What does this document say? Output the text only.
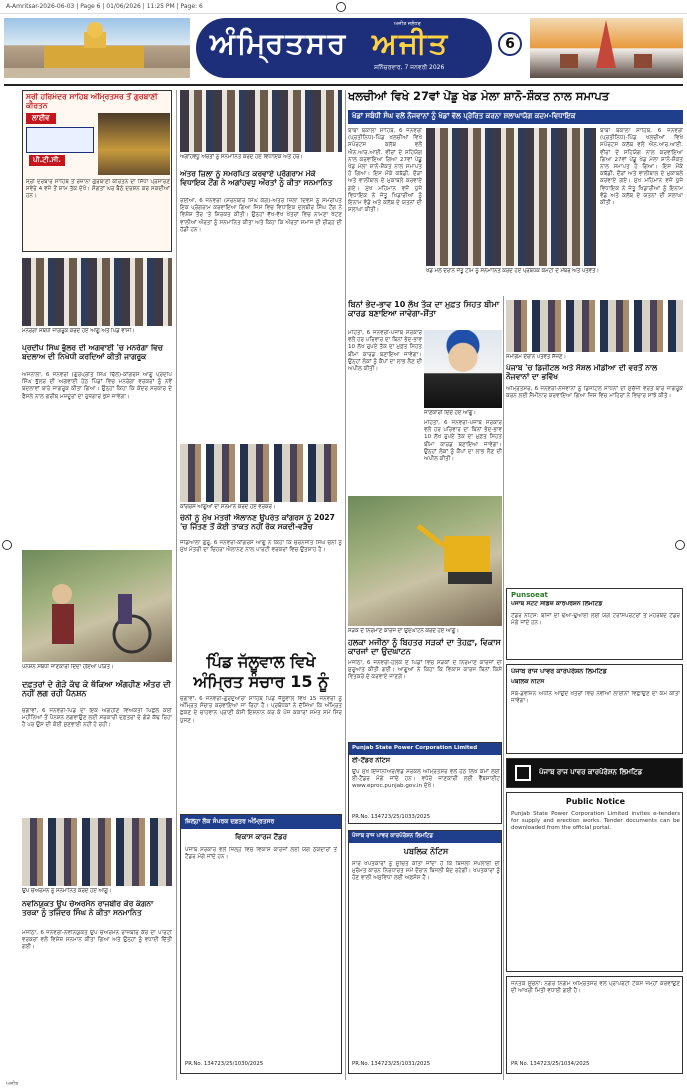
A-Amritsar-2026-06-03 | Page 6 | 01/06/2026 | 11:25 PM | Page: 6
ਅੰਮ੍ਰਿਤਸਰ ਅਜੀਤ
ਅਜੀਤ ਜਲੰਧਰ
ਸ਼ਨਿੱਚਰਵਾਰ, 7 ਜਨਵਰੀ 2026
6
ਸ੍ਰੀ ਹਰਿਮੰਦਰ ਸਾਹਿਬ ਅੰਮ੍ਰਿਤਸਰ ਤੋਂ ਗੁਰਬਾਣੀ ਕੀਰਤਨ
ਲਾਈਵ
ਪੀ.ਟੀ.ਸੀ.
ਸ੍ਰੀ ਦਰਬਾਰ ਸਾਹਿਬ ਤੋਂ ਰੋਜ਼ਾਨਾ ਗੁਰਬਾਣੀ ਕੀਰਤਨ ਦਾ ਸਿੱਧਾ ਪ੍ਰਸਾਰਣ ਸਵੇਰੇ 4 ਵਜੇ ਤੋਂ ਸ਼ਾਮ ਤੱਕ ਦੇਖੋ। ਸੰਗਤਾਂ ਘਰ ਬੈਠੇ ਦਰਸ਼ਨ ਕਰ ਸਕਦੀਆਂ ਹਨ।
ਮਨਰੇਗਾ ਸਬੰਧੀ ਜਾਗਰੂਕ ਕਰਦੇ ਹੋਏ ਆਗੂ ਅਤੇ ਪਿੰਡ ਵਾਸੀ।
ਪ੍ਰਦੀਪ ਸਿੰਘ ਭੁੱਲਰ ਦੀ ਅਗਵਾਈ 'ਚ ਮਨਰੇਗਾ ਵਿਚ ਬਦਲਾਅ ਦੀ ਨਿਖੇਧੀ ਕਰਦਿਆਂ ਕੀਤੀ ਜਾਗਰੂਕ
ਅਜਨਾਲਾ, 6 ਜਨਵਰੀ (ਗੁਰਪ੍ਰੀਤ ਸਿੰਘ ਢਿੱਲੋਂ)-ਕਾਂਗਰਸ ਆਗੂ ਪ੍ਰਦੀਪ ਸਿੰਘ ਭੁੱਲਰ ਦੀ ਅਗਵਾਈ ਹੇਠ ਪਿੰਡਾਂ ਵਿਚ ਮਨਰੇਗਾ ਵਰਕਰਾਂ ਨੂੰ ਨਵੇਂ ਬਦਲਾਵਾਂ ਬਾਰੇ ਜਾਗਰੂਕ ਕੀਤਾ ਗਿਆ। ਉਨ੍ਹਾਂ ਕਿਹਾ ਕਿ ਕੇਂਦਰ ਸਰਕਾਰ ਦੇ ਫੈਸਲੇ ਨਾਲ ਗਰੀਬ ਮਜ਼ਦੂਰਾਂ ਦਾ ਰੁਜ਼ਗਾਰ ਖੁੱਸ ਜਾਵੇਗਾ।
ਪੈਨਸ਼ਨ ਸਬੰਧੀ ਜਾਣਕਾਰੀ ਦਿੰਦਾ ਹੋਇਆ ਪੀੜਤ।
ਦਫ਼ਤਰਾਂ ਦੇ ਗੇੜੇ ਕੱਢ ਕੇ ਥੱਕਿਆ ਅੰਗਹੀਣ ਅੰਤਰ ਦੀ ਨਹੀਂ ਲਗ ਰਹੀ ਪੈਨਸ਼ਨ
ਚੋਗਾਵਾਂ, 6 ਜਨਵਰੀ-ਪਿੰਡ ਦਾ ਇਕ ਅੰਗਹੀਣ ਵਿਅਕਤੀ ਪਿਛਲੇ ਕਈ ਮਹੀਨਿਆਂ ਤੋਂ ਪੈਨਸ਼ਨ ਲਗਵਾਉਣ ਲਈ ਸਰਕਾਰੀ ਦਫ਼ਤਰਾਂ ਦੇ ਗੇੜੇ ਕੱਢ ਰਿਹਾ ਹੈ ਪਰ ਉਸ ਦੀ ਕੋਈ ਸੁਣਵਾਈ ਨਹੀਂ ਹੋ ਰਹੀ।
ਉਪ ਚੇਅਰਮੈਨ ਨੂੰ ਸਨਮਾਨਿਤ ਕਰਦੇ ਹੋਏ ਆਗੂ।
ਨਵਨਿਯੁਕਤ ਉਪ ਚੇਅਰਮੈਨ ਰਾਜਬੀਰ ਕੌਰ ਕੰਗਨਾ ਤਰਕਾ ਨੂੰ ਤਜਿੰਦਰ ਸਿੰਘ ਨੇ ਕੀਤਾ ਸਨਮਾਨਿਤ
ਮਜੀਠਾ, 6 ਜਨਵਰੀ-ਨਵਨਿਯੁਕਤ ਉਪ ਚੇਅਰਮੈਨ ਰਾਜਬੀਰ ਕੌਰ ਦਾ ਪਾਰਟੀ ਵਰਕਰਾਂ ਵਲੋਂ ਵਿਸ਼ੇਸ਼ ਸਨਮਾਨ ਕੀਤਾ ਗਿਆ ਅਤੇ ਉਨ੍ਹਾਂ ਨੂੰ ਵਧਾਈ ਦਿੱਤੀ ਗਈ।
ਅਗਾਂਹਵਧੂ ਔਰਤਾਂ ਨੂੰ ਸਨਮਾਨਿਤ ਕਰਦੇ ਹੋਏ ਵਿਧਾਇਕ ਅਤੇ ਹੋਰ।
ਅੰਤਰ ਜ਼ਿਲਾ ਨੂੰ ਸਮਰਪਿਤ ਕਰਵਾਏ ਪ੍ਰੋਗਰਾਮ ਮੌਕੇ ਵਿਧਾਇਕ ਟੌਂਗ ਨੇ ਅਗਾਂਹਵਧੂ ਔਰਤਾਂ ਨੂੰ ਕੀਤਾ ਸਨਮਾਨਿਤ
ਰਈਆ, 6 ਜਨਵਰੀ (ਸ਼ਰਨਬੀਰ ਸਿੰਘ ਕੰਗ)-ਅੰਤਰ ਜ਼ਿਲਾ ਦਿਵਸ ਨੂੰ ਸਮਰਪਿਤ ਇਕ ਪ੍ਰੋਗਰਾਮ ਕਰਵਾਇਆ ਗਿਆ ਜਿਸ ਵਿਚ ਵਿਧਾਇਕ ਦਲਬੀਰ ਸਿੰਘ ਟੌਂਗ ਨੇ ਵਿਸ਼ੇਸ਼ ਤੌਰ 'ਤੇ ਸ਼ਿਰਕਤ ਕੀਤੀ। ਉਨ੍ਹਾਂ ਵੱਖ-ਵੱਖ ਖੇਤਰਾਂ ਵਿਚ ਨਾਮਣਾ ਖੱਟਣ ਵਾਲੀਆਂ ਔਰਤਾਂ ਨੂੰ ਸਨਮਾਨਿਤ ਕੀਤਾ ਅਤੇ ਕਿਹਾ ਕਿ ਔਰਤਾਂ ਸਮਾਜ ਦੀ ਰੀੜ੍ਹ ਦੀ ਹੱਡੀ ਹਨ।
ਕਾਂਗਰਸ ਆਗੂਆਂ ਦਾ ਸਨਮਾਨ ਕਰਦੇ ਹੋਏ ਵਰਕਰ।
ਚੰਨੀ ਨੂੰ ਮੁੱਖ ਮੰਤਰੀ ਐਲਾਨਣ ਉਪਰੰਤ ਕਾਂਗਰਸ ਨੂੰ 2027 'ਚ ਜਿੱਤਣ ਤੋਂ ਕੋਈ ਤਾਕਤ ਨਹੀਂ ਰੋਕ ਸਕਦੀ-ਵੜੈਚ
ਜੰਡਿਆਲਾ ਗੁਰੂ, 6 ਜਨਵਰੀ-ਕਾਂਗਰਸ ਆਗੂ ਨੇ ਕਿਹਾ ਕਿ ਚਰਨਜੀਤ ਸਿੰਘ ਚੰਨੀ ਨੂੰ ਮੁੱਖ ਮੰਤਰੀ ਦਾ ਚਿਹਰਾ ਐਲਾਨਣ ਨਾਲ ਪਾਰਟੀ ਵਰਕਰਾਂ ਵਿਚ ਉਤਸ਼ਾਹ ਹੈ।
ਪਿੰਡ ਜੱਲੂਵਾਲ ਵਿਖੇ ਅੰਮ੍ਰਿਤ ਸੰਚਾਰ 15 ਨੂੰ
ਚੋਗਾਵਾਂ, 6 ਜਨਵਰੀ-ਗੁਰਦੁਆਰਾ ਸਾਹਿਬ ਪਿੰਡ ਜੱਲੂਵਾਲ ਵਿਖੇ 15 ਜਨਵਰੀ ਨੂੰ ਅੰਮ੍ਰਿਤ ਸੰਚਾਰ ਕਰਵਾਇਆ ਜਾ ਰਿਹਾ ਹੈ। ਪ੍ਰਬੰਧਕਾਂ ਨੇ ਦੱਸਿਆ ਕਿ ਅੰਮ੍ਰਿਤ ਛਕਣ ਦੇ ਚਾਹਵਾਨ ਪ੍ਰਾਣੀ ਕੇਸੀ ਇਸ਼ਨਾਨ ਕਰ ਕੇ ਪੰਜ ਕਕਾਰਾਂ ਸਮੇਤ ਸਮੇਂ ਸਿਰ ਪੁੱਜਣ।
ਜ਼ਿਲ੍ਹਾ ਲੋਕ ਸੰਪਰਕ ਦਫ਼ਤਰ ਅੰਮ੍ਰਿਤਸਰ
ਵਿਕਾਸ ਕਾਰਜ ਟੈਂਡਰ
ਪੰਜਾਬ ਸਰਕਾਰ ਵਲੋਂ ਜ਼ਿਲ੍ਹੇ ਵਿਚ ਵਿਕਾਸ ਕਾਰਜਾਂ ਲਈ ਯੋਗ ਠੇਕੇਦਾਰਾਂ ਤੋਂ ਟੈਂਡਰ ਮੰਗੇ ਜਾਂਦੇ ਹਨ।
PR.No. 134723/25/1030/2025
ਖਲਚੀਆਂ ਵਿਖੇ 27ਵਾਂ ਪੇਂਡੂ ਖੇਡ ਮੇਲਾ ਸ਼ਾਨੋ-ਸ਼ੌਕਤ ਨਾਲ ਸਮਾਪਤ
ਖੇਡਾਂ ਸਬੰਧੀ ਸੰਘ ਵਲੋਂ ਨੌਜਵਾਨਾਂ ਨੂੰ ਖੇਡਾਂ ਵੱਲ ਪ੍ਰੇਰਿਤ ਕਰਨਾ ਸ਼ਲਾਘਾਯੋਗ ਕਦਮ-ਵਿਧਾਇਕ
ਬਾਬਾ ਬਕਾਲਾ ਸਾਹਿਬ, 6 ਜਨਵਰੀ (ਪ੍ਰਤੀਨਿਧ)-ਪਿੰਡ ਖਲਚੀਆਂ ਵਿਖੇ ਸਪੋਰਟਸ ਕਲੱਬ ਵਲੋਂ ਐਨ.ਆਰ.ਆਈ. ਵੀਰਾਂ ਦੇ ਸਹਿਯੋਗ ਨਾਲ ਕਰਵਾਇਆ ਗਿਆ 27ਵਾਂ ਪੇਂਡੂ ਖੇਡ ਮੇਲਾ ਸ਼ਾਨੋ-ਸ਼ੌਕਤ ਨਾਲ ਸਮਾਪਤ ਹੋ ਗਿਆ। ਇਸ ਮੌਕੇ ਕਬੱਡੀ, ਦੌੜਾਂ ਅਤੇ ਵਾਲੀਬਾਲ ਦੇ ਮੁਕਾਬਲੇ ਕਰਵਾਏ ਗਏ। ਮੁੱਖ ਮਹਿਮਾਨ ਵਜੋਂ ਪੁੱਜੇ ਵਿਧਾਇਕ ਨੇ ਜੇਤੂ ਖਿਡਾਰੀਆਂ ਨੂੰ ਇਨਾਮ ਵੰਡੇ ਅਤੇ ਕਲੱਬ ਦੇ ਯਤਨਾਂ ਦੀ ਸ਼ਲਾਘਾ ਕੀਤੀ।
ਖੇਡ ਮੇਲੇ ਦੌਰਾਨ ਜੇਤੂ ਟੀਮ ਨੂੰ ਸਨਮਾਨਿਤ ਕਰਦੇ ਹੋਏ ਪ੍ਰਬੰਧਕ ਕਮੇਟੀ ਦੇ ਮੈਂਬਰ ਅਤੇ ਪਤਵੰਤੇ।
ਬਾਬਾ ਬਕਾਲਾ ਸਾਹਿਬ, 6 ਜਨਵਰੀ (ਪ੍ਰਤੀਨਿਧ)-ਪਿੰਡ ਖਲਚੀਆਂ ਵਿਖੇ ਸਪੋਰਟਸ ਕਲੱਬ ਵਲੋਂ ਐਨ.ਆਰ.ਆਈ. ਵੀਰਾਂ ਦੇ ਸਹਿਯੋਗ ਨਾਲ ਕਰਵਾਇਆ ਗਿਆ 27ਵਾਂ ਪੇਂਡੂ ਖੇਡ ਮੇਲਾ ਸ਼ਾਨੋ-ਸ਼ੌਕਤ ਨਾਲ ਸਮਾਪਤ ਹੋ ਗਿਆ। ਇਸ ਮੌਕੇ ਕਬੱਡੀ, ਦੌੜਾਂ ਅਤੇ ਵਾਲੀਬਾਲ ਦੇ ਮੁਕਾਬਲੇ ਕਰਵਾਏ ਗਏ। ਮੁੱਖ ਮਹਿਮਾਨ ਵਜੋਂ ਪੁੱਜੇ ਵਿਧਾਇਕ ਨੇ ਜੇਤੂ ਖਿਡਾਰੀਆਂ ਨੂੰ ਇਨਾਮ ਵੰਡੇ ਅਤੇ ਕਲੱਬ ਦੇ ਯਤਨਾਂ ਦੀ ਸ਼ਲਾਘਾ ਕੀਤੀ।
ਬਿਨਾਂ ਭੇਦ-ਭਾਵ 10 ਲੱਖ ਤੱਕ ਦਾ ਮੁਫ਼ਤ ਸਿਹਤ ਬੀਮਾ ਕਾਰਡ ਬਣਾਇਆ ਜਾਵੇਗਾ-ਸ਼ੌਂਤਾ
ਮਹਿਤਾ, 6 ਜਨਵਰੀ-ਪੰਜਾਬ ਸਰਕਾਰ ਵਲੋਂ ਹਰ ਪਰਿਵਾਰ ਦਾ ਬਿਨਾਂ ਭੇਦ-ਭਾਵ 10 ਲੱਖ ਰੁਪਏ ਤੱਕ ਦਾ ਮੁਫ਼ਤ ਸਿਹਤ ਬੀਮਾ ਕਾਰਡ ਬਣਾਇਆ ਜਾਵੇਗਾ। ਉਨ੍ਹਾਂ ਲੋਕਾਂ ਨੂੰ ਕੈਂਪਾਂ ਦਾ ਲਾਭ ਲੈਣ ਦੀ ਅਪੀਲ ਕੀਤੀ।
ਜਾਣਕਾਰੀ ਦਿੰਦੇ ਹੋਏ ਆਗੂ।
ਮਹਿਤਾ, 6 ਜਨਵਰੀ-ਪੰਜਾਬ ਸਰਕਾਰ ਵਲੋਂ ਹਰ ਪਰਿਵਾਰ ਦਾ ਬਿਨਾਂ ਭੇਦ-ਭਾਵ 10 ਲੱਖ ਰੁਪਏ ਤੱਕ ਦਾ ਮੁਫ਼ਤ ਸਿਹਤ ਬੀਮਾ ਕਾਰਡ ਬਣਾਇਆ ਜਾਵੇਗਾ। ਉਨ੍ਹਾਂ ਲੋਕਾਂ ਨੂੰ ਕੈਂਪਾਂ ਦਾ ਲਾਭ ਲੈਣ ਦੀ ਅਪੀਲ ਕੀਤੀ।
ਸੜਕ ਦੇ ਨਿਰਮਾਣ ਕਾਰਜ ਦਾ ਉਦਘਾਟਨ ਕਰਦੇ ਹੋਏ ਆਗੂ।
ਹਲਕਾ ਮਜੀਠਾ ਨੂੰ ਬਿਹਤਰ ਸੜਕਾਂ ਦਾ ਤੋਹਫ਼ਾ, ਵਿਕਾਸ ਕਾਰਜਾਂ ਦਾ ਉਦਘਾਟਨ
ਮਜੀਠਾ, 6 ਜਨਵਰੀ-ਹਲਕੇ ਦੇ ਪਿੰਡਾਂ ਵਿਚ ਸੜਕਾਂ ਦੇ ਨਿਰਮਾਣ ਕਾਰਜਾਂ ਦੀ ਸ਼ੁਰੂਆਤ ਕੀਤੀ ਗਈ। ਆਗੂਆਂ ਨੇ ਕਿਹਾ ਕਿ ਵਿਕਾਸ ਕਾਰਜ ਬਿਨਾਂ ਕਿਸੇ ਵਿਤਕਰੇ ਦੇ ਕਰਵਾਏ ਜਾਣਗੇ।
Punjab State Power Corporation Limited
ਈ-ਟੈਂਡਰ ਨੋਟਿਸ
ਉਪ ਮੁੱਖ ਇੰਜੀਨੀਅਰ/ਵੰਡ ਸਰਕਲ ਅੰਮ੍ਰਿਤਸਰ ਵਲੋਂ ਹੇਠ ਲਿਖੇ ਕੰਮਾਂ ਲਈ ਈ-ਟੈਂਡਰ ਮੰਗੇ ਜਾਂਦੇ ਹਨ। ਵਧੇਰੇ ਜਾਣਕਾਰੀ ਲਈ ਵੈੱਬਸਾਈਟ www.eproc.punjab.gov.in ਦੇਖੋ।
PR.No. 134723/25/1033/2025
ਪੰਜਾਬ ਰਾਜ ਪਾਵਰ ਕਾਰਪੋਰੇਸ਼ਨ ਲਿਮਟਿਡ
ਪਬਲਿਕ ਨੋਟਿਸ
ਸਾਰੇ ਖਪਤਕਾਰਾਂ ਨੂੰ ਸੂਚਿਤ ਕੀਤਾ ਜਾਂਦਾ ਹੈ ਕਿ ਬਿਜਲੀ ਸਪਲਾਈ ਦੀ ਮੁਰੰਮਤ ਕਾਰਨ ਨਿਰਧਾਰਤ ਸਮੇਂ ਦੌਰਾਨ ਬਿਜਲੀ ਬੰਦ ਰਹੇਗੀ। ਖਪਤਕਾਰਾਂ ਨੂੰ ਹੋਣ ਵਾਲੀ ਅਸੁਵਿਧਾ ਲਈ ਅਫ਼ਸੋਸ ਹੈ।
PR.No. 134723/25/1031/2025
ਸਮਾਗਮ ਦੌਰਾਨ ਪਤਵੰਤੇ ਸੱਜਣ।
ਪੰਜਾਬ 'ਚ ਡਿਜੀਟਲ ਅਤੇ ਸੋਸ਼ਲ ਮੀਡੀਆ ਦੀ ਵਰਤੋਂ ਨਾਲ ਨੌਜਵਾਨਾਂ ਦਾ ਭਵਿੱਖ
ਅੰਮ੍ਰਿਤਸਰ, 6 ਜਨਵਰੀ-ਨੌਜਵਾਨਾਂ ਨੂੰ ਡਿਜੀਟਲ ਸਾਧਨਾਂ ਦੀ ਸੁਚੱਜੀ ਵਰਤੋਂ ਬਾਰੇ ਜਾਗਰੂਕ ਕਰਨ ਲਈ ਸੈਮੀਨਾਰ ਕਰਵਾਇਆ ਗਿਆ ਜਿਸ ਵਿਚ ਮਾਹਿਰਾਂ ਨੇ ਵਿਚਾਰ ਸਾਂਝੇ ਕੀਤੇ।
Punsoeat
ਪੰਜਾਬ ਸਟੇਟ ਸੀਡਜ਼ ਕਾਰਪੋਰੇਸ਼ਨ ਲਿਮਟਿਡ
ਟੈਂਡਰ ਨੋਟਿਸ: ਬੀਜਾਂ ਦੀ ਢੋਆ-ਢੁਆਈ ਲਈ ਯੋਗ ਟਰਾਂਸਪੋਰਟਰਾਂ ਤੋਂ ਮੋਹਰਬੰਦ ਟੈਂਡਰ ਮੰਗੇ ਜਾਂਦੇ ਹਨ।
ਪੰਜਾਬ ਰਾਜ ਪਾਵਰ ਕਾਰਪੋਰੇਸ਼ਨ ਲਿਮਟਿਡ
ਪਬਲਿਕ ਨੋਟਿਸ
ਸਬ-ਡਵੀਜ਼ਨ ਅਧੀਨ ਆਉਂਦੇ ਖੇਤਰਾਂ ਵਿਚ ਨਵੀਆਂ ਲਾਈਨਾਂ ਵਿਛਾਉਣ ਦਾ ਕੰਮ ਕੀਤਾ ਜਾਵੇਗਾ।
ਪੰਜਾਬ ਰਾਜ ਪਾਵਰ ਕਾਰਪੋਰੇਸ਼ਨ ਲਿਮਟਿਡ
Public Notice
Punjab State Power Corporation Limited invites e-tenders for supply and erection works. Tender documents can be downloaded from the official portal.
ਜਨਤਕ ਸੂਚਨਾ: ਨਗਰ ਨਿਗਮ ਅੰਮ੍ਰਿਤਸਰ ਵਲੋਂ ਪ੍ਰਾਪਰਟੀ ਟੈਕਸ ਜਮ੍ਹਾਂ ਕਰਵਾਉਣ ਦੀ ਆਖਰੀ ਮਿਤੀ ਵਧਾਈ ਗਈ ਹੈ।
PR No. 134723/25/1034/2025
ਅਜੀਤ
